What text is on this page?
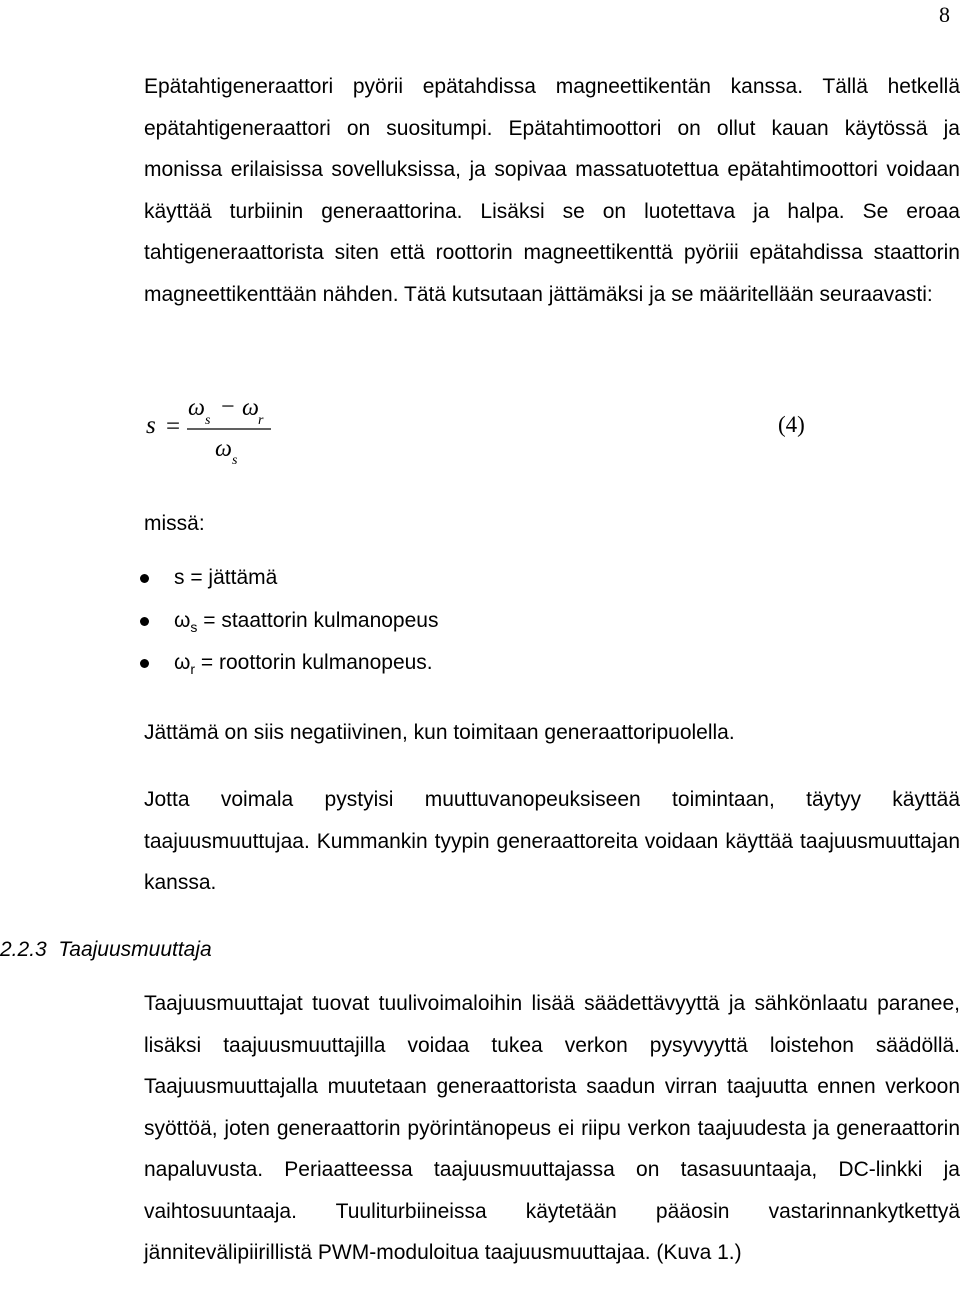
8
Epätahtigeneraattori pyörii epätahdissa magneettikentän kanssa. Tällä hetkellä epätahtigeneraattori on suositumpi. Epätahtimoottori on ollut kauan käytössä ja monissa erilaisissa sovelluksissa, ja sopivaa massatuotettua epätahtimoottori voidaan käyttää turbiinin generaattorina. Lisäksi se on luotettava ja halpa. Se eroaa tahtigeneraattorista siten että roottorin magneettikenttä pyöriii epätahdissa staattorin magneettikenttään nähden. Tätä kutsutaan jättämäksi ja se määritellään seuraavasti:
s =
ω s
− ω r
ω s
(4)
missä:
s = jättämä
$\omega_s$ = staattorin kulmanopeus
$\omega_r$ = roottorin kulmanopeus.
Jättämä on siis negatiivinen, kun toimitaan generaattoripuolella.
Jotta voimala pystyisi muuttuvanopeuksiseen toimintaan, täytyy käyttää taajuusmuuttujaa. Kummankin tyypin generaattoreita voidaan käyttää taajuusmuuttajan kanssa.
2.2.3  Taajuusmuuttaja
Taajuusmuuttajat tuovat tuulivoimaloihin lisää säädettävyyttä ja sähkönlaatu paranee, lisäksi taajuusmuuttajilla voidaa tukea verkon pysyvyyttä loistehon säädöllä. Taajuusmuuttajalla muutetaan generaattorista saadun virran taajuutta ennen verkoon syöttöä, joten generaattorin pyörintänopeus ei riipu verkon taajuudesta ja generaattorin napaluvusta. Periaatteessa taajuusmuuttajassa on tasasuuntaaja, DC-linkki ja vaihtosuuntaaja. Tuuliturbiineissa käytetään pääosin vastarinnankytkettyä jännitevälipiirillistä PWM-moduloitua taajuusmuuttajaa. (Kuva 1.)
